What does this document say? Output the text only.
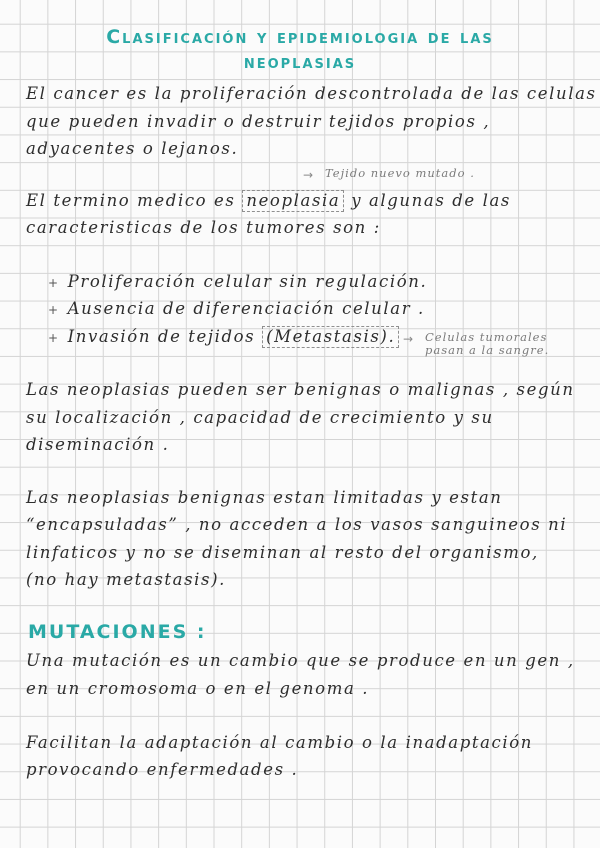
Clasificación y epidemiologia de las
neoplasias
El cancer es la proliferación descontrolada de las celulas
que pueden invadir o destruir tejidos propios ,
adyacentes o lejanos.
→ Tejido nuevo mutado .
El termino medico es neoplasia y algunas de las
caracteristicas de los tumores son :
+ Proliferación celular sin regulación.
+ Ausencia de diferenciación celular .
+ Invasión de tejidos (Metastasis). → Celulas tumorales
pasan a la sangre.
Las neoplasias pueden ser benignas o malignas , según
su localización , capacidad de crecimiento y su
diseminación .
Las neoplasias benignas estan limitadas y estan
“encapsuladas” , no acceden a los vasos sanguineos ni
linfaticos y no se diseminan al resto del organismo,
(no hay metastasis).
MUTACIONES :
Una mutación es un cambio que se produce en un gen ,
en un cromosoma o en el genoma .
Facilitan la adaptación al cambio o la inadaptación
provocando enfermedades .
